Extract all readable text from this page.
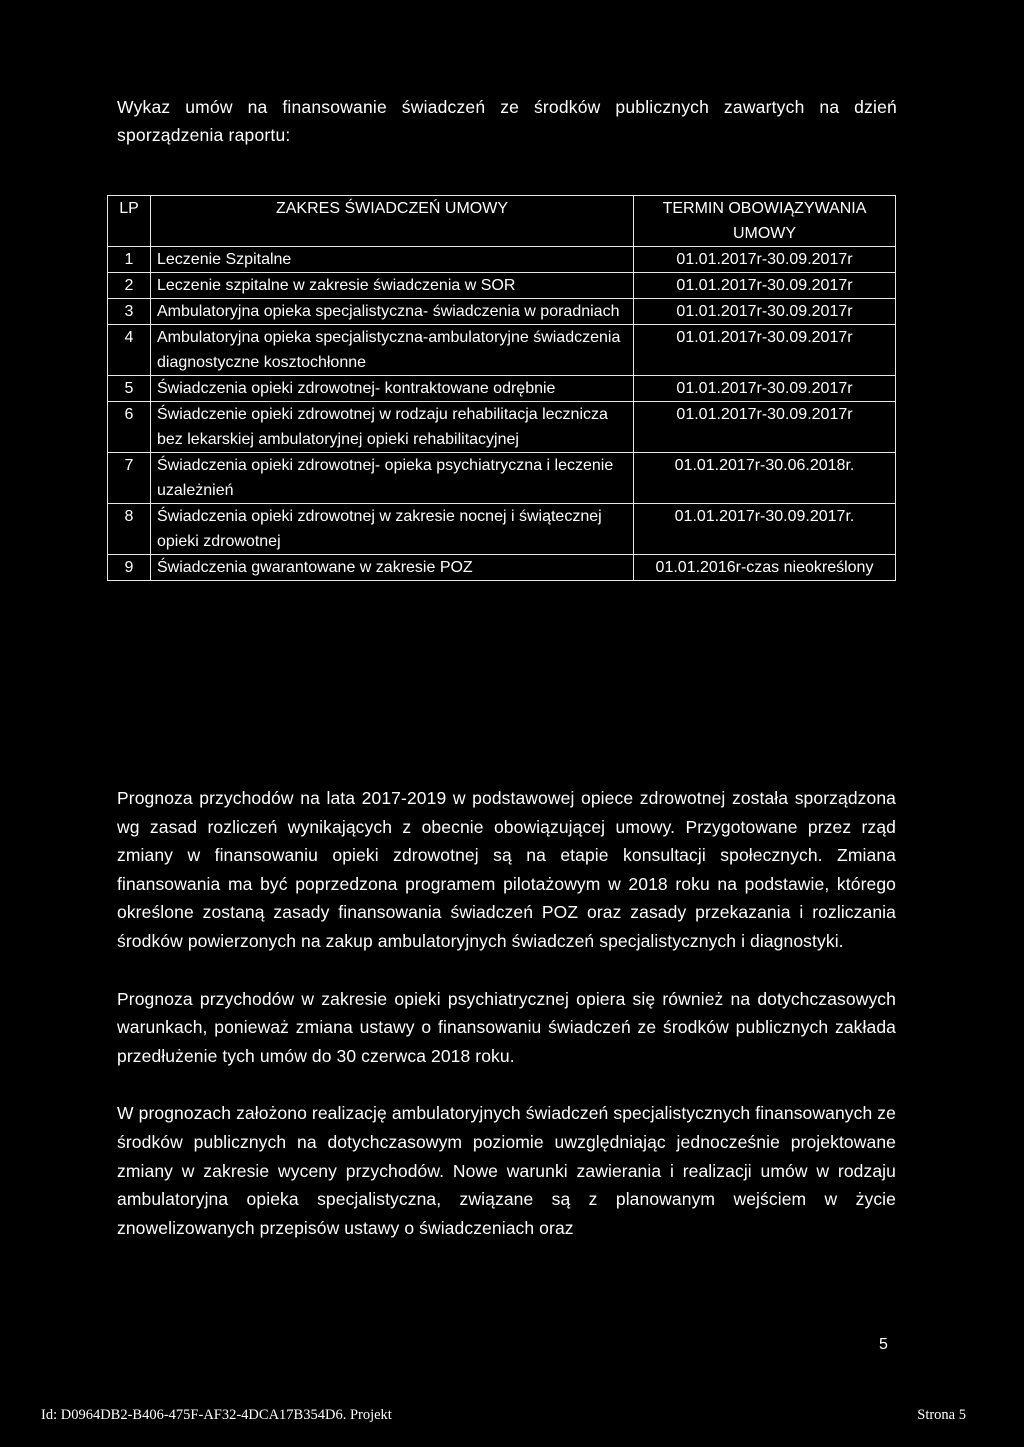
Wykaz umów na finansowanie świadczeń ze środków publicznych zawartych na dzień sporządzenia raportu:
LP	ZAKRES ŚWIADCZEŃ UMOWY	TERMIN OBOWIĄZYWANIA UMOWY
1	Leczenie Szpitalne	01.01.2017r-30.09.2017r
2	Leczenie szpitalne w zakresie świadczenia w SOR	01.01.2017r-30.09.2017r
3	Ambulatoryjna opieka specjalistyczna- świadczenia w poradniach	01.01.2017r-30.09.2017r
4	Ambulatoryjna opieka specjalistyczna-ambulatoryjne świadczenia diagnostyczne kosztochłonne	01.01.2017r-30.09.2017r
5	Świadczenia opieki zdrowotnej- kontraktowane odrębnie	01.01.2017r-30.09.2017r
6	Świadczenie opieki zdrowotnej w rodzaju rehabilitacja lecznicza bez lekarskiej ambulatoryjnej opieki rehabilitacyjnej	01.01.2017r-30.09.2017r
7	Świadczenia opieki zdrowotnej- opieka psychiatryczna i leczenie uzależnień	01.01.2017r-30.06.2018r.
8	Świadczenia opieki zdrowotnej w zakresie nocnej i świątecznej opieki zdrowotnej	01.01.2017r-30.09.2017r.
9	Świadczenia gwarantowane w zakresie POZ	01.01.2016r-czas nieokreślony

Prognoza przychodów na lata 2017-2019 w podstawowej opiece zdrowotnej została sporządzona wg zasad rozliczeń wynikających z obecnie obowiązującej umowy. Przygotowane przez rząd zmiany w finansowaniu opieki zdrowotnej są na etapie konsultacji społecznych. Zmiana finansowania ma być poprzedzona programem pilotażowym w 2018 roku na podstawie, którego określone zostaną zasady finansowania świadczeń POZ oraz zasady przekazania i rozliczania środków powierzonych na zakup ambulatoryjnych świadczeń specjalistycznych i diagnostyki.

Prognoza przychodów w zakresie opieki psychiatrycznej opiera się również na dotychczasowych warunkach, ponieważ zmiana ustawy o finansowaniu świadczeń ze środków publicznych zakłada przedłużenie tych umów do 30 czerwca 2018 roku.

W prognozach założono realizację ambulatoryjnych świadczeń specjalistycznych finansowanych ze środków publicznych na dotychczasowym poziomie uwzględniając jednocześnie projektowane zmiany w zakresie wyceny przychodów. Nowe warunki zawierania i realizacji umów w rodzaju ambulatoryjna opieka specjalistyczna, związane są z planowanym wejściem w życie znowelizowanych przepisów ustawy o świadczeniach oraz

5
Id: D0964DB2-B406-475F-AF32-4DCA17B354D6. Projekt	Strona 5
